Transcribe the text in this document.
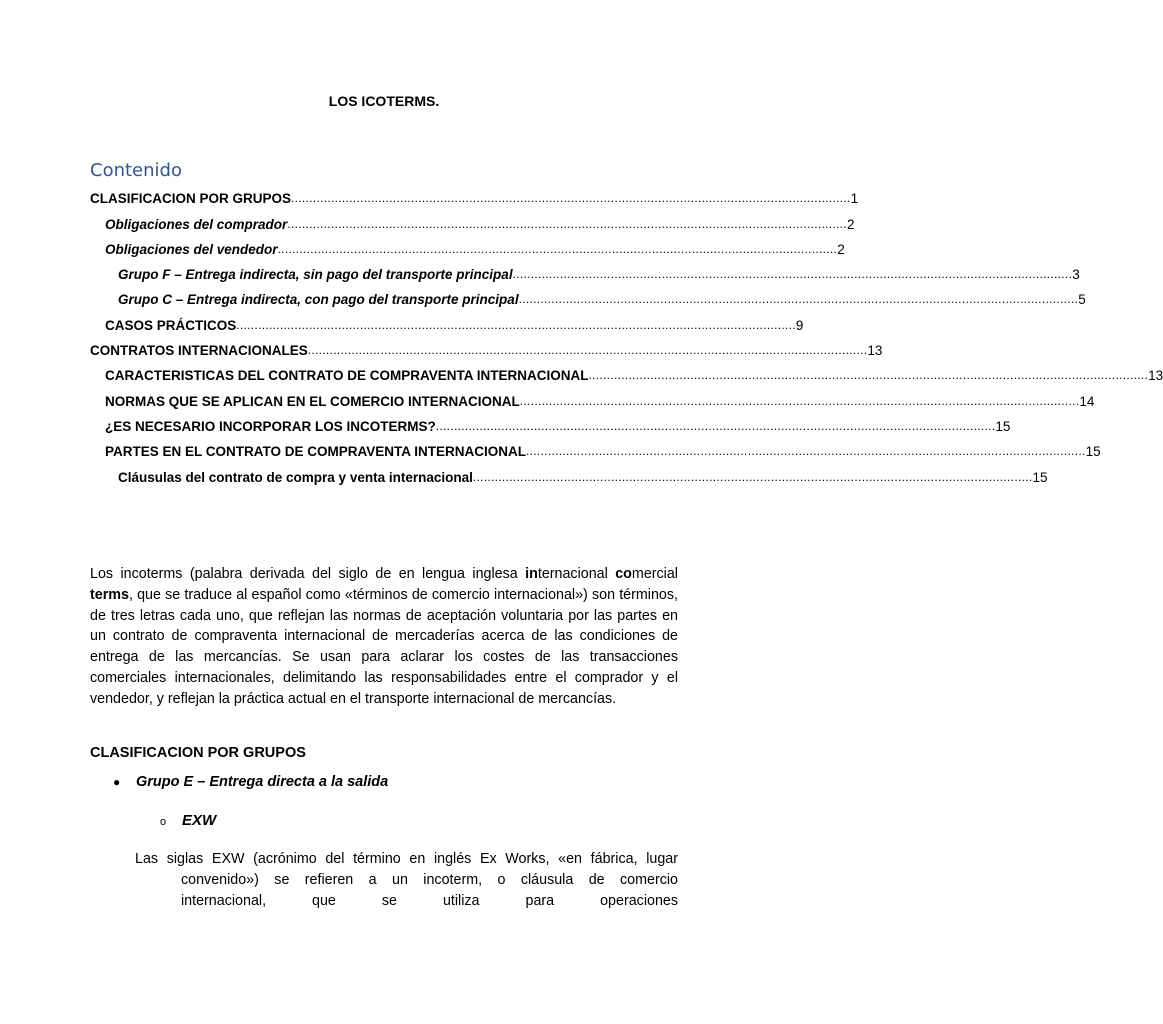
LOS ICOTERMS.
Contenido
CLASIFICACION POR GRUPOS .......................................................................................................................................................... 1
Obligaciones del comprador .......................................................................................................................................................... 2
Obligaciones del vendedor .......................................................................................................................................................... 2
Grupo F – Entrega indirecta, sin pago del transporte principal .......................................................................................................................................................... 3
Grupo C – Entrega indirecta, con pago del transporte principal .......................................................................................................................................................... 5
CASOS PRÁCTICOS .......................................................................................................................................................... 9
CONTRATOS INTERNACIONALES .......................................................................................................................................................... 13
CARACTERISTICAS DEL CONTRATO DE COMPRAVENTA INTERNACIONAL .......................................................................................................................................................... 13
NORMAS QUE SE APLICAN EN EL COMERCIO INTERNACIONAL .......................................................................................................................................................... 14
¿ES NECESARIO INCORPORAR LOS INCOTERMS? .......................................................................................................................................................... 15
PARTES EN EL CONTRATO DE COMPRAVENTA INTERNACIONAL .......................................................................................................................................................... 15
Cláusulas del contrato de compra y venta internacional .......................................................................................................................................................... 15
Los incoterms (palabra derivada del siglo de en lengua inglesa internacional comercial terms, que se traduce al español como «términos de comercio internacional») son términos, de tres letras cada uno, que reflejan las normas de aceptación voluntaria por las partes en un contrato de compraventa internacional de mercaderías acerca de las condiciones de entrega de las mercancías. Se usan para aclarar los costes de las transacciones comerciales internacionales, delimitando las responsabilidades entre el comprador y el vendedor, y reflejan la práctica actual en el transporte internacional de mercancías.
CLASIFICACION POR GRUPOS
● Grupo E – Entrega directa a la salida
o EXW
Las siglas EXW (acrónimo del término en inglés Ex Works, «en fábrica, lugar
convenido») se refieren a un incoterm, o cláusula de comercio
internacional, que se utiliza para operaciones
